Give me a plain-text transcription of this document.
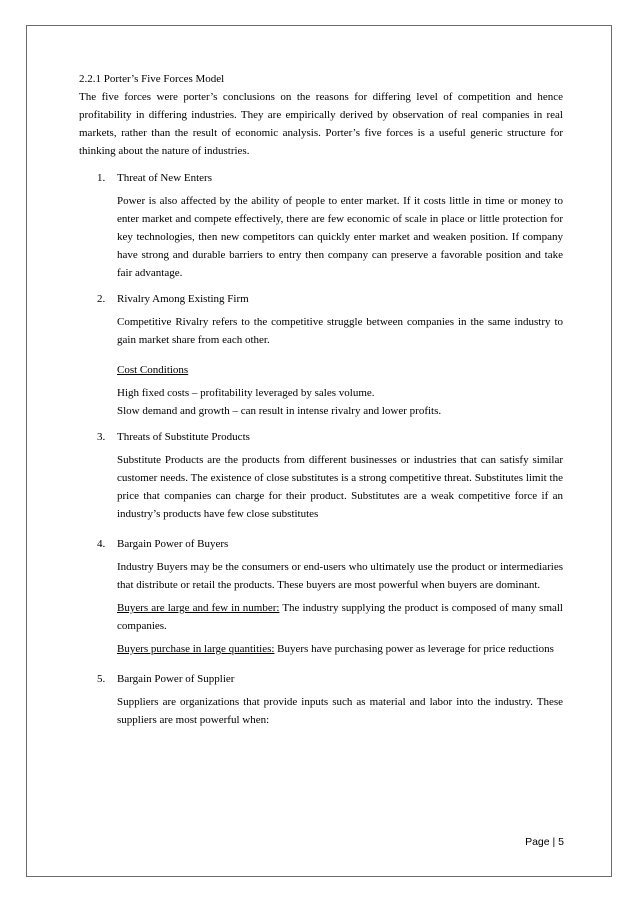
2.2.1 Porter’s Five Forces Model

The five forces were porter’s conclusions on the reasons for differing level of competition and hence profitability in differing industries. They are empirically derived by observation of real companies in real markets, rather than the result of economic analysis. Porter’s five forces is a useful generic structure for thinking about the nature of industries.

1. Threat of New Enters

Power is also affected by the ability of people to enter market. If it costs little in time or money to enter market and compete effectively, there are few economic of scale in place or little protection for key technologies, then new competitors can quickly enter market and weaken position. If company have strong and durable barriers to entry then company can preserve a favorable position and take fair advantage.

2. Rivalry Among Existing Firm

Competitive Rivalry refers to the competitive struggle between companies in the same industry to gain market share from each other.

Cost Conditions

High fixed costs – profitability leveraged by sales volume.

Slow demand and growth – can result in intense rivalry and lower profits.

3. Threats of Substitute Products

Substitute Products are the products from different businesses or industries that can satisfy similar customer needs. The existence of close substitutes is a strong competitive threat. Substitutes limit the price that companies can charge for their product. Substitutes are a weak competitive force if an industry’s products have few close substitutes

4. Bargain Power of Buyers

Industry Buyers may be the consumers or end-users who ultimately use the product or intermediaries that distribute or retail the products. These buyers are most powerful when buyers are dominant.

Buyers are large and few in number: The industry supplying the product is composed of many small companies.

Buyers purchase in large quantities: Buyers have purchasing power as leverage for price reductions

5. Bargain Power of Supplier

Suppliers are organizations that provide inputs such as material and labor into the industry. These suppliers are most powerful when:

Page | 5
